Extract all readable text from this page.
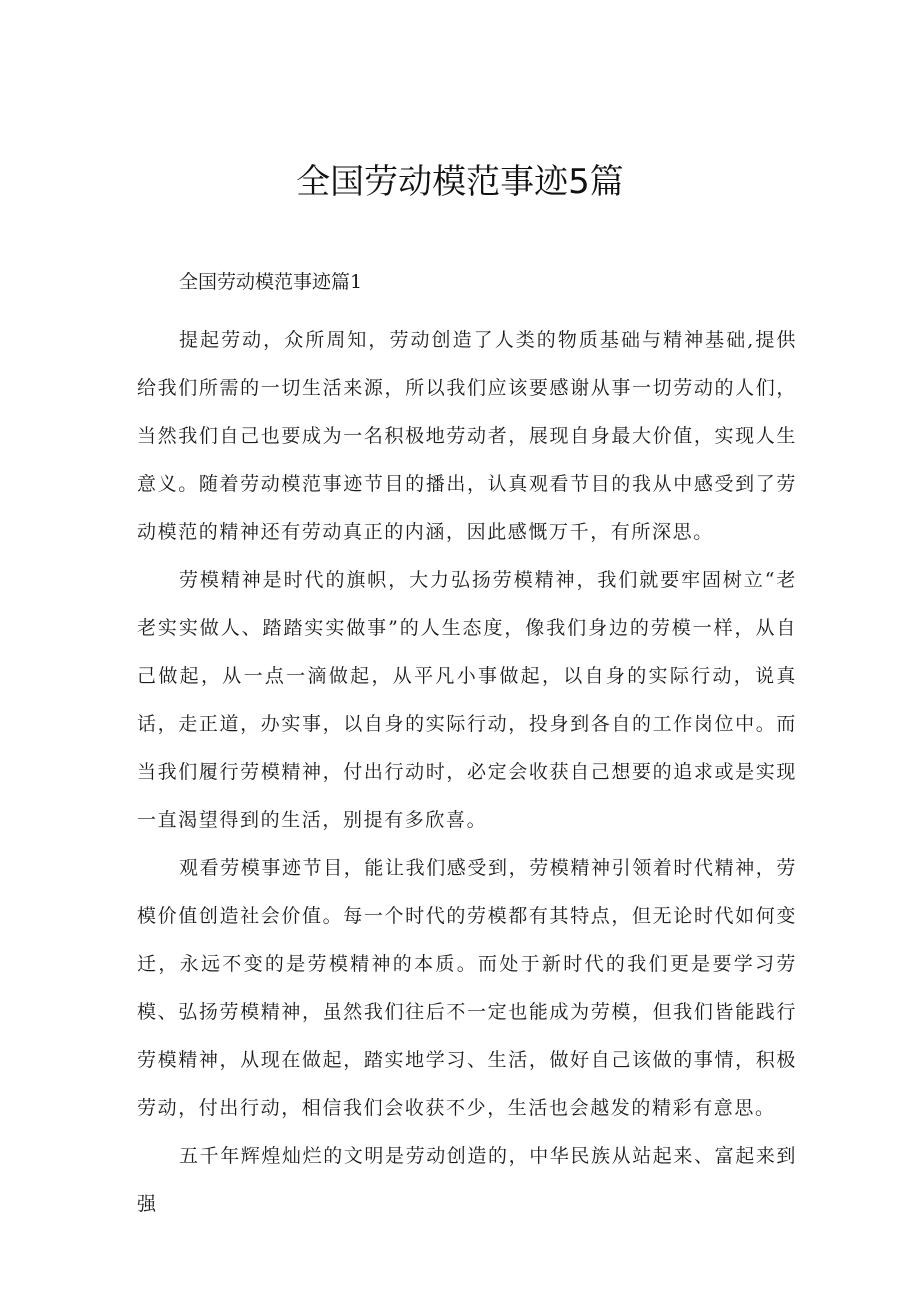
全国劳动模范事迹5篇

全国劳动模范事迹篇1

提起劳动，众所周知，劳动创造了人类的物质基础与精神基础,提供给我们所需的一切生活来源，所以我们应该要感谢从事一切劳动的人们，当然我们自己也要成为一名积极地劳动者，展现自身最大价值，实现人生意义。随着劳动模范事迹节目的播出，认真观看节目的我从中感受到了劳动模范的精神还有劳动真正的内涵，因此感慨万千，有所深思。

劳模精神是时代的旗帜，大力弘扬劳模精神，我们就要牢固树立“老老实实做人、踏踏实实做事”的人生态度，像我们身边的劳模一样，从自己做起，从一点一滴做起，从平凡小事做起，以自身的实际行动，说真话，走正道，办实事，以自身的实际行动，投身到各自的工作岗位中。而当我们履行劳模精神，付出行动时，必定会收获自己想要的追求或是实现一直渴望得到的生活，别提有多欣喜。

观看劳模事迹节目，能让我们感受到，劳模精神引领着时代精神，劳模价值创造社会价值。每一个时代的劳模都有其特点，但无论时代如何变迁，永远不变的是劳模精神的本质。而处于新时代的我们更是要学习劳模、弘扬劳模精神，虽然我们往后不一定也能成为劳模，但我们皆能践行劳模精神，从现在做起，踏实地学习、生活，做好自己该做的事情，积极劳动，付出行动，相信我们会收获不少，生活也会越发的精彩有意思。

五千年辉煌灿烂的文明是劳动创造的，中华民族从站起来、富起来到强
